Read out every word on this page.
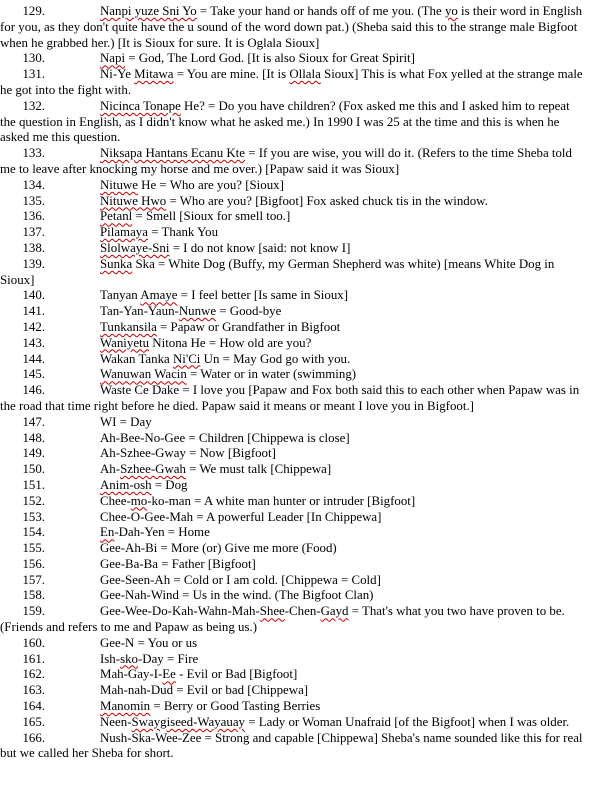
129.	Nanpi yuze Sni Yo = Take your hand or hands off of me you. (The yo is their word in English for you, as they don't quite have the u sound of the word down pat.) (Sheba said this to the strange male Bigfoot when he grabbed her.) [It is Sioux for sure. It is Oglala Sioux]

130.	Napi = God, The Lord God. [It is also Sioux for Great Spirit]

131.	Ni-Ye Mitawa = You are mine. [It is Ollala Sioux] This is what Fox yelled at the strange male he got into the fight with.

132.	Nicinca Tonape He? = Do you have children? (Fox asked me this and I asked him to repeat the question in English, as I didn't know what he asked me.) In 1990 I was 25 at the time and this is when he asked me this question.

133.	Niksapa Hantans Ecanu Kte = If you are wise, you will do it. (Refers to the time Sheba told me to leave after knocking my horse and me over.) [Papaw said it was Sioux]

134.	Nituwe He = Who are you? [Sioux]

135.	Nituwe Hwo = Who are you? [Bigfoot] Fox asked chuck tis in the window.

136.	Petanl = Smell [Sioux for smell too.]

137.	Pilamaya = Thank You

138.	Slolwaye-Sni = I do not know [said: not know I]

139.	Sunka Ska = White Dog (Buffy, my German Shepherd was white) [means White Dog in Sioux]

140.	Tanyan Amaye = I feel better [Is same in Sioux]

141.	Tan-Yan-Yaun-Nunwe = Good-bye

142.	Tunkansila = Papaw or Grandfather in Bigfoot

143.	Waniyetu Nitona He = How old are you?

144.	Wakan Tanka Ni'Ci Un = May God go with you.

145.	Wanuwan Wacin = Water or in water (swimming)

146.	Waste Ce Dake = I love you [Papaw and Fox both said this to each other when Papaw was in the road that time right before he died. Papaw said it means or meant I love you in Bigfoot.]

147.	WI = Day

148.	Ah-Bee-No-Gee = Children [Chippewa is close]

149.	Ah-Szhee-Gway = Now [Bigfoot]

150.	Ah-Szhee-Gwah = We must talk [Chippewa]

151.	Anim-osh = Dog

152.	Chee-mo-ko-man = A white man hunter or intruder [Bigfoot]

153.	Chee-O-Gee-Mah = A powerful Leader [In Chippewa]

154.	En-Dah-Yen = Home

155.	Gee-Ah-Bi = More (or) Give me more (Food)

156.	Gee-Ba-Ba = Father [Bigfoot]

157.	Gee-Seen-Ah = Cold or I am cold. [Chippewa = Cold]

158.	Gee-Nah-Wind = Us in the wind. (The Bigfoot Clan)

159.	Gee-Wee-Do-Kah-Wahn-Mah-Shee-Chen-Gayd = That's what you two have proven to be. (Friends and refers to me and Papaw as being us.)

160.	Gee-N = You or us

161.	Ish-sko-Day = Fire

162.	Mah-Gay-I-Ee - Evil or Bad [Bigfoot]

163.	Mah-nah-Dud = Evil or bad [Chippewa]

164.	Manomin = Berry or Good Tasting Berries

165.	Neen-Swaygiseed-Wayauay = Lady or Woman Unafraid [of the Bigfoot] when I was older.

166.	Nush-Ska-Wee-Zee = Strong and capable [Chippewa] Sheba's name sounded like this for real but we called her Sheba for short.
